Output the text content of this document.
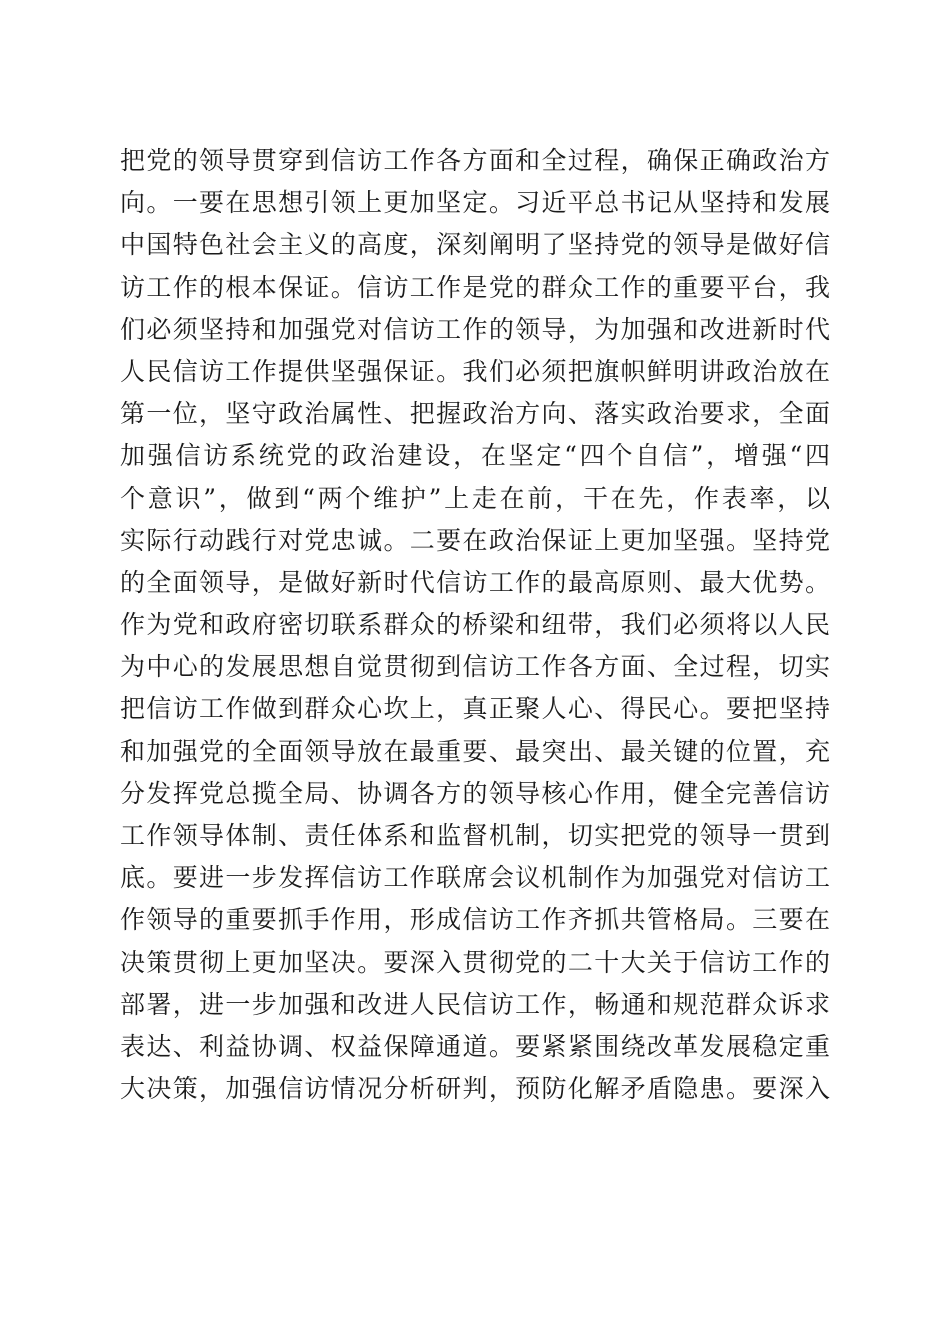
把党的领导贯穿到信访工作各方面和全过程，确保正确政治方
向。一要在思想引领上更加坚定。习近平总书记从坚持和发展
中国特色社会主义的高度，深刻阐明了坚持党的领导是做好信
访工作的根本保证。信访工作是党的群众工作的重要平台，我
们必须坚持和加强党对信访工作的领导，为加强和改进新时代
人民信访工作提供坚强保证。我们必须把旗帜鲜明讲政治放在
第一位，坚守政治属性、把握政治方向、落实政治要求，全面
加强信访系统党的政治建设，在坚定“四个自信”，增强“四
个意识”，做到“两个维护”上走在前，干在先，作表率，以
实际行动践行对党忠诚。二要在政治保证上更加坚强。坚持党
的全面领导，是做好新时代信访工作的最高原则、最大优势。
作为党和政府密切联系群众的桥梁和纽带，我们必须将以人民
为中心的发展思想自觉贯彻到信访工作各方面、全过程，切实
把信访工作做到群众心坎上，真正聚人心、得民心。要把坚持
和加强党的全面领导放在最重要、最突出、最关键的位置，充
分发挥党总揽全局、协调各方的领导核心作用，健全完善信访
工作领导体制、责任体系和监督机制，切实把党的领导一贯到
底。要进一步发挥信访工作联席会议机制作为加强党对信访工
作领导的重要抓手作用，形成信访工作齐抓共管格局。三要在
决策贯彻上更加坚决。要深入贯彻党的二十大关于信访工作的
部署，进一步加强和改进人民信访工作，畅通和规范群众诉求
表达、利益协调、权益保障通道。要紧紧围绕改革发展稳定重
大决策，加强信访情况分析研判，预防化解矛盾隐患。要深入
